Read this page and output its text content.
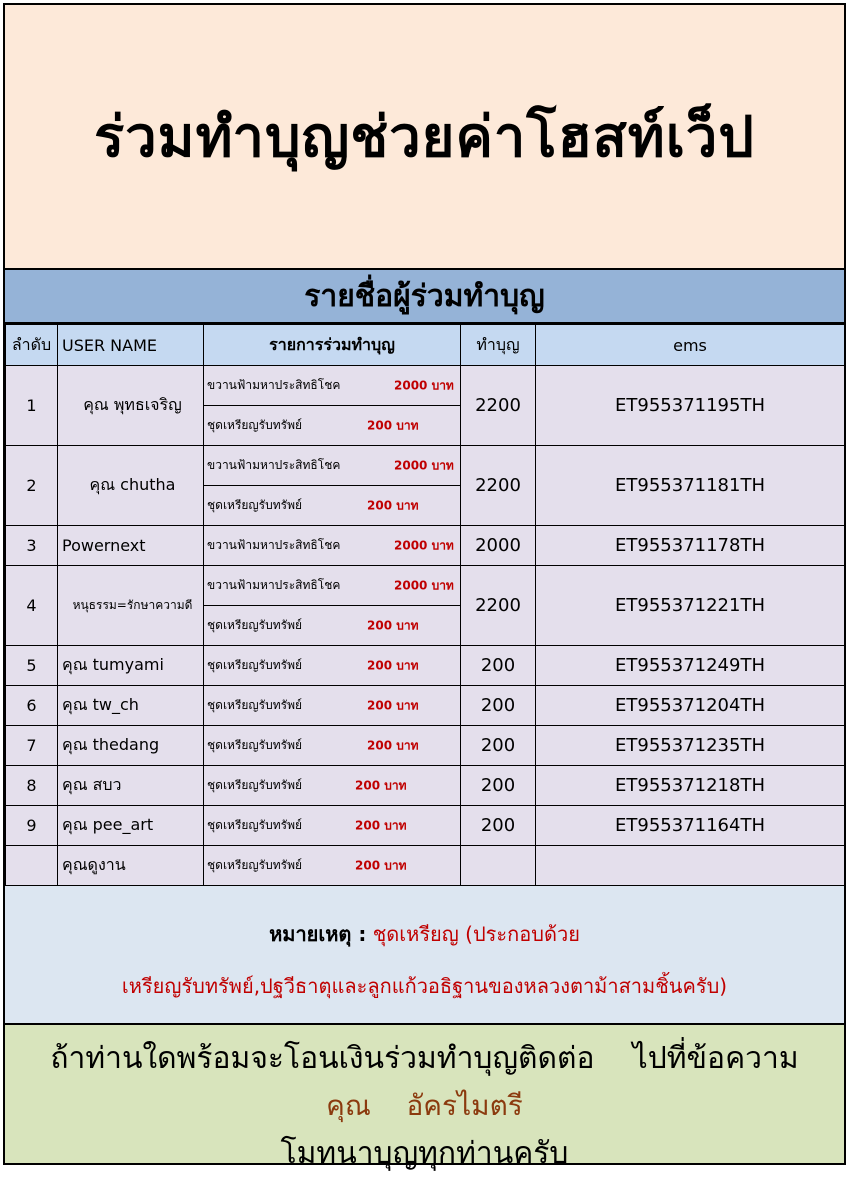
ร่วมทำบุญช่วยค่าโฮสท์เว็ป
รายชื่อผู้ร่วมทำบุญ
ลำดับ	USER NAME	รายการร่วมทำบุญ	ทำบุญ	ems
1	คุณ พุทธเจริญ	ขวานฟ้ามหาประสิทธิโชค 2000 บาท	2200	ET955371195TH
		ชุดเหรียญรับทรัพย์ 200 บาท		

2	คุณ chutha	ขวานฟ้ามหาประสิทธิโชค 2000 บาท	2200	ET955371181TH
		ชุดเหรียญรับทรัพย์ 200 บาท		

3	Powernext	ขวานฟ้ามหาประสิทธิโชค 2000 บาท	2000	ET955371178TH
4	หนุธรรม=รักษาความดี	ขวานฟ้ามหาประสิทธิโชค 2000 บาท	2200	ET955371221TH
		ชุดเหรียญรับทรัพย์ 200 บาท		

5	คุณ tumyami	ชุดเหรียญรับทรัพย์ 200 บาท	200	ET955371249TH
6	คุณ tw_ch	ชุดเหรียญรับทรัพย์ 200 บาท	200	ET955371204TH
7	คุณ thedang	ชุดเหรียญรับทรัพย์ 200 บาท	200	ET955371235TH
8	คุณ สบว	ชุดเหรียญรับทรัพย์ 200 บาท	200	ET955371218TH
9	คุณ pee_art	ชุดเหรียญรับทรัพย์ 200 บาท	200	ET955371164TH
	คุณดูงาน	ชุดเหรียญรับทรัพย์ 200 บาท		

หมายเหตุ : ชุดเหรียญ (ประกอบด้วย
เหรียญรับทรัพย์,ปฐวีธาตุและลูกแก้วอธิฐานของหลวงตาม้าสามชิ้นครับ)
ถ้าท่านใดพร้อมจะโอนเงินร่วมทำบุญติดต่อ    ไปที่ข้อความ
คุณ    อัครไมตรี
โมทนาบุญทุกท่านครับ
